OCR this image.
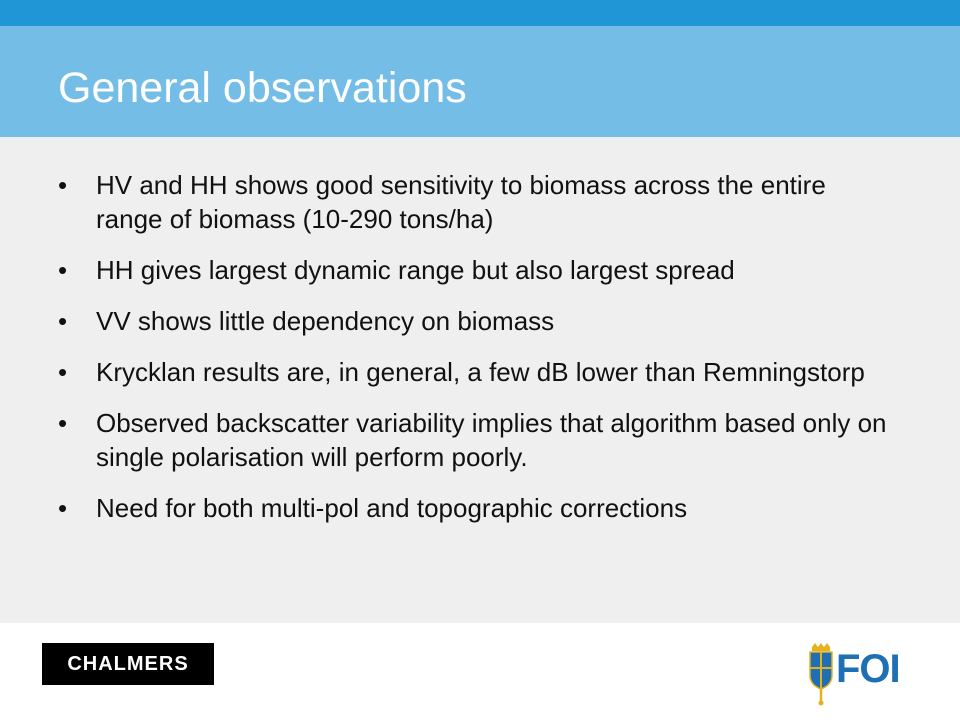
General observations
• HV and HH shows good sensitivity to biomass across the entire range of biomass (10-290 tons/ha)
• HH gives largest dynamic range but also largest spread
• VV shows little dependency on biomass
• Krycklan results are, in general, a few dB lower than Remningstorp
• Observed backscatter variability implies that algorithm based only on single polarisation will perform poorly.
• Need for both multi-pol and topographic corrections
CHALMERS	FOI
